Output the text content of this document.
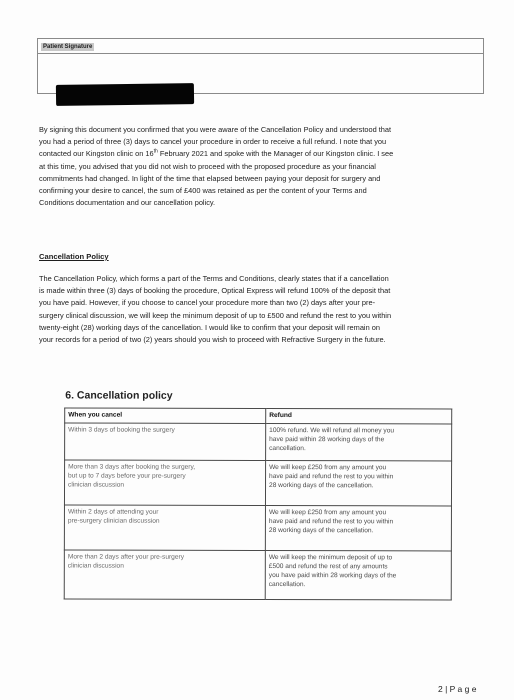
Patient Signature

By signing this document you confirmed that you were aware of the Cancellation Policy and understood that
you had a period of three (3) days to cancel your procedure in order to receive a full refund. I note that you
contacted our Kingston clinic on 16th February 2021 and spoke with the Manager of our Kingston clinic. I see
at this time, you advised that you did not wish to proceed with the proposed procedure as your financial
commitments had changed. In light of the time that elapsed between paying your deposit for surgery and
confirming your desire to cancel, the sum of £400 was retained as per the content of your Terms and
Conditions documentation and our cancellation policy.

Cancellation Policy

The Cancellation Policy, which forms a part of the Terms and Conditions, clearly states that if a cancellation
is made within three (3) days of booking the procedure, Optical Express will refund 100% of the deposit that
you have paid. However, if you choose to cancel your procedure more than two (2) days after your pre-
surgery clinical discussion, we will keep the minimum deposit of up to £500 and refund the rest to you within
twenty-eight (28) working days of the cancellation. I would like to confirm that your deposit will remain on
your records for a period of two (2) years should you wish to proceed with Refractive Surgery in the future.

6. Cancellation policy
When you cancel	Refund
Within 3 days of booking the surgery	100% refund. We will refund all money you
have paid within 28 working days of the
cancellation.
More than 3 days after booking the surgery,
but up to 7 days before your pre-surgery
clinician discussion	We will keep £250 from any amount you
have paid and refund the rest to you within
28 working days of the cancellation.
Within 2 days of attending your
pre-surgery clinician discussion	We will keep £250 from any amount you
have paid and refund the rest to you within
28 working days of the cancellation.
More than 2 days after your pre-surgery
clinician discussion	We will keep the minimum deposit of up to
£500 and refund the rest of any amounts
you have paid within 28 working days of the
cancellation.
2 | P a g e
